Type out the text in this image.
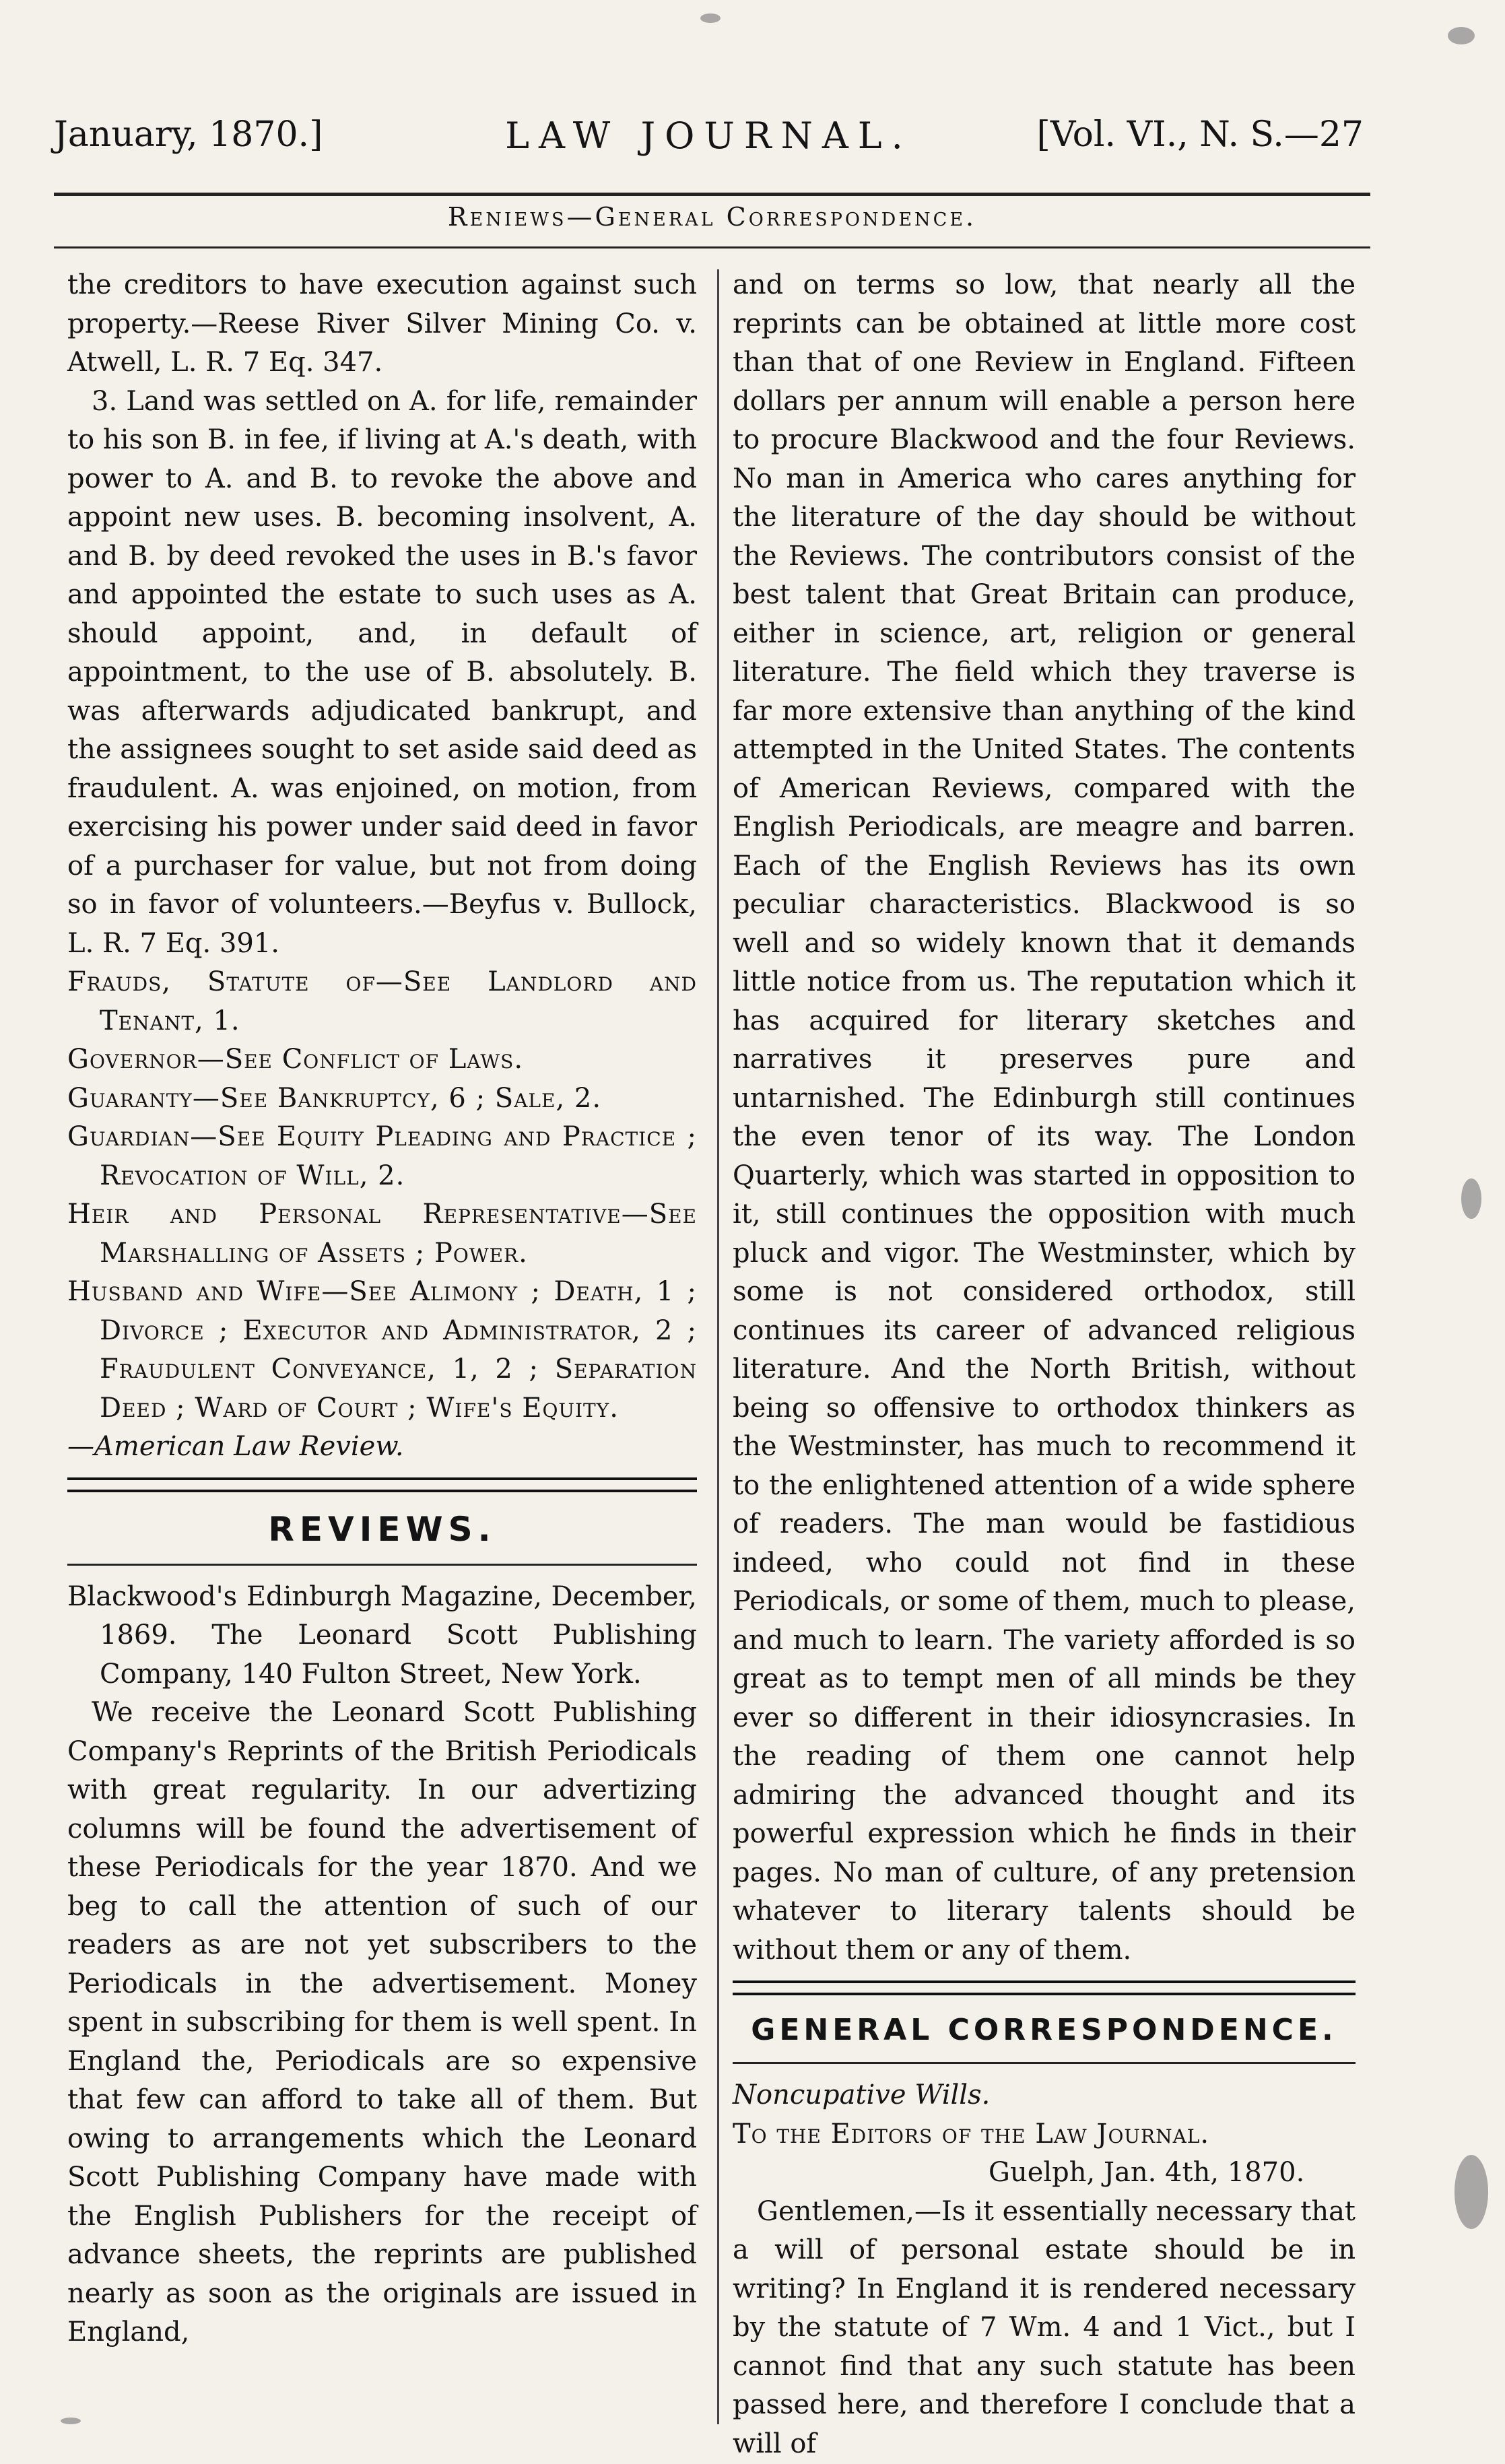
January, 1870.]	LAW JOURNAL.	[Vol. VI., N. S.—27
Reniews—General Correspondence.

the creditors to have execution against such property.—Reese River Silver Mining Co. v. Atwell, L. R. 7 Eq. 347.

3. Land was settled on A. for life, remainder to his son B. in fee, if living at A.'s death, with power to A. and B. to revoke the above and appoint new uses. B. becoming insolvent, A. and B. by deed revoked the uses in B.'s favor and appointed the estate to such uses as A. should appoint, and, in default of appointment, to the use of B. absolutely. B. was afterwards adjudicated bankrupt, and the assignees sought to set aside said deed as fraudulent. A. was enjoined, on motion, from exercising his power under said deed in favor of a purchaser for value, but not from doing so in favor of volunteers.—Beyfus v. Bullock, L. R. 7 Eq. 391.

Frauds, Statute of—See Landlord and Tenant, 1.

Governor—See Conflict of Laws.

Guaranty—See Bankruptcy, 6 ; Sale, 2.

Guardian—See Equity Pleading and Practice ; Revocation of Will, 2.

Heir and Personal Representative—See Marshalling of Assets ; Power.

Husband and Wife—See Alimony ; Death, 1 ; Divorce ; Executor and Administrator, 2 ; Fraudulent Conveyance, 1, 2 ; Separation Deed ; Ward of Court ; Wife's Equity.

—American Law Review.

REVIEWS.

Blackwood's Edinburgh Magazine, December, 1869. The Leonard Scott Publishing Company, 140 Fulton Street, New York.

We receive the Leonard Scott Publishing Company's Reprints of the British Periodicals with great regularity. In our advertizing columns will be found the advertisement of these Periodicals for the year 1870. And we beg to call the attention of such of our readers as are not yet subscribers to the Periodicals in the advertisement. Money spent in subscribing for them is well spent. In England the, Periodicals are so expensive that few can afford to take all of them. But owing to arrangements which the Leonard Scott Publishing Company have made with the English Publishers for the receipt of advance sheets, the reprints are published nearly as soon as the originals are issued in England,

and on terms so low, that nearly all the reprints can be obtained at little more cost than that of one Review in England. Fifteen dollars per annum will enable a person here to procure Blackwood and the four Reviews. No man in America who cares anything for the literature of the day should be without the Reviews. The contributors consist of the best talent that Great Britain can produce, either in science, art, religion or general literature. The field which they traverse is far more extensive than anything of the kind attempted in the United States. The contents of American Reviews, compared with the English Periodicals, are meagre and barren. Each of the English Reviews has its own peculiar characteristics. Blackwood is so well and so widely known that it demands little notice from us. The reputation which it has acquired for literary sketches and narratives it preserves pure and untarnished. The Edinburgh still continues the even tenor of its way. The London Quarterly, which was started in opposition to it, still continues the opposition with much pluck and vigor. The Westminster, which by some is not considered orthodox, still continues its career of advanced religious literature. And the North British, without being so offensive to orthodox thinkers as the Westminster, has much to recommend it to the enlightened attention of a wide sphere of readers. The man would be fastidious indeed, who could not find in these Periodicals, or some of them, much to please, and much to learn. The variety afforded is so great as to tempt men of all minds be they ever so different in their idiosyncrasies. In the reading of them one cannot help admiring the advanced thought and its powerful expression which he finds in their pages. No man of culture, of any pretension whatever to literary talents should be without them or any of them.

GENERAL CORRESPONDENCE.

Noncupative Wills.

To the Editors of the Law Journal.

Guelph, Jan. 4th, 1870.

Gentlemen,—Is it essentially necessary that a will of personal estate should be in writing? In England it is rendered necessary by the statute of 7 Wm. 4 and 1 Vict., but I cannot find that any such statute has been passed here, and therefore I conclude that a will of
